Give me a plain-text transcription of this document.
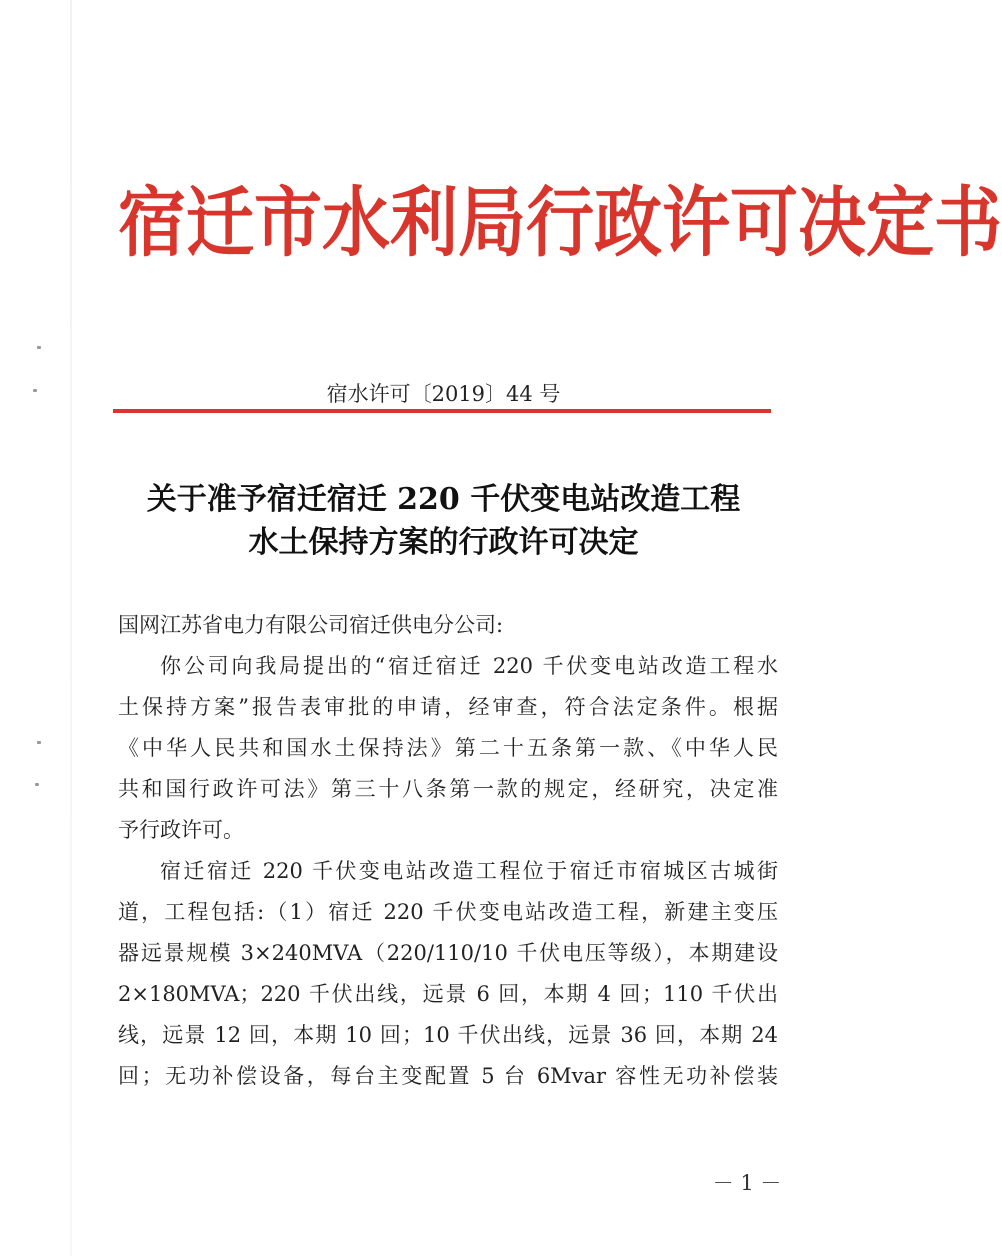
宿迁市水利局行政许可决定书
宿水许可〔2019〕44 号
关于准予宿迁宿迁 220 千伏变电站改造工程
水土保持方案的行政许可决定
国网江苏省电力有限公司宿迁供电分公司:
你公司向我局提出的“宿迁宿迁 220 千伏变电站改造工程水
土保持方案”报告表审批的申请，经审查，符合法定条件。根据
《中华人民共和国水土保持法》第二十五条第一款、《中华人民
共和国行政许可法》第三十八条第一款的规定，经研究，决定准
予行政许可。
宿迁宿迁 220 千伏变电站改造工程位于宿迁市宿城区古城街
道，工程包括:（1）宿迁 220 千伏变电站改造工程，新建主变压
器远景规模 3×240MVA（220/110/10 千伏电压等级），本期建设
2×180MVA；220 千伏出线，远景 6 回，本期 4 回；110 千伏出
线，远景 12 回，本期 10 回；10 千伏出线，远景 36 回，本期 24
回；无功补偿设备，每台主变配置 5 台 6Mvar 容性无功补偿装
－ 1 －
